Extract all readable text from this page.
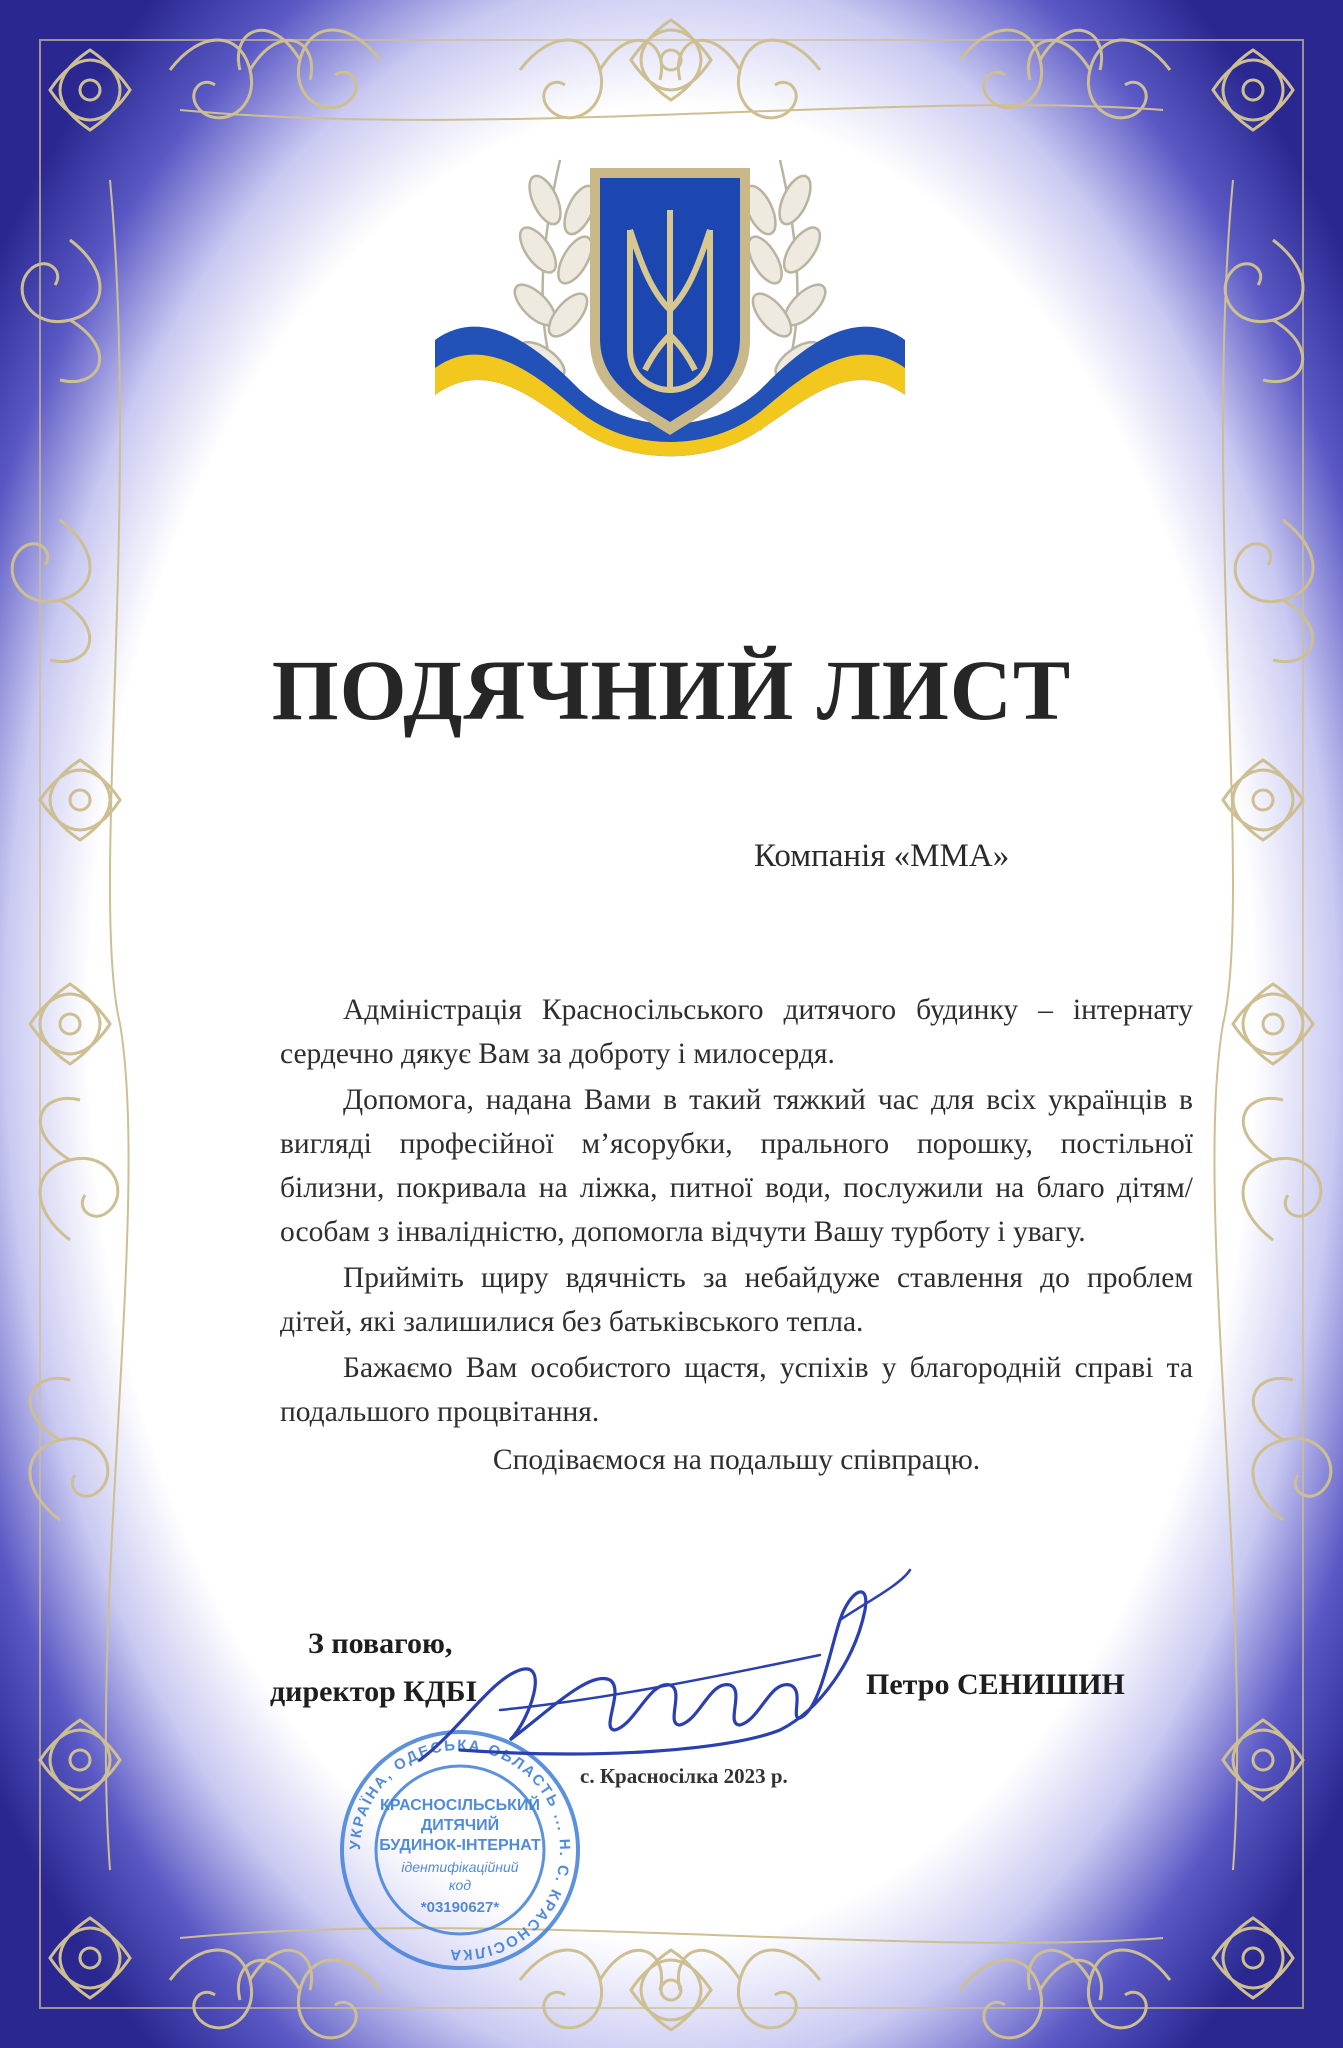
ПОДЯЧНИЙ ЛИСТ
Компанія «ММА»

Адміністрація Красносільського дитячого будинку – інтернату сердечно дякує Вам за доброту і милосердя.

Допомога, надана Вами в такий тяжкий час для всіх українців в вигляді професійної м’ясорубки, прального порошку, постільної білизни, покривала на ліжка, питної води, послужили на благо дітям/особам з інвалідністю, допомогла відчути Вашу турботу і увагу.

Прийміть щиру вдячність за небайдуже ставлення до проблем дітей, які залишилися без батьківського тепла.

Бажаємо Вам особистого щастя, успіхів у благородній справі та подальшого процвітання.

Сподіваємося на подальшу співпрацю.

З повагою,
директор КДБІ	Петро СЕНИШИН
с. Красносілка 2023 р.
УКРАЇНА, ОДЕСЬКА ОБЛАСТЬ ... Н. С. КРАСНОСІЛКА
КРАСНОСІЛЬСЬКИЙ
ДИТЯЧИЙ
БУДИНОК-ІНТЕРНАТ
ідентифікаційний
код
*03190627*
